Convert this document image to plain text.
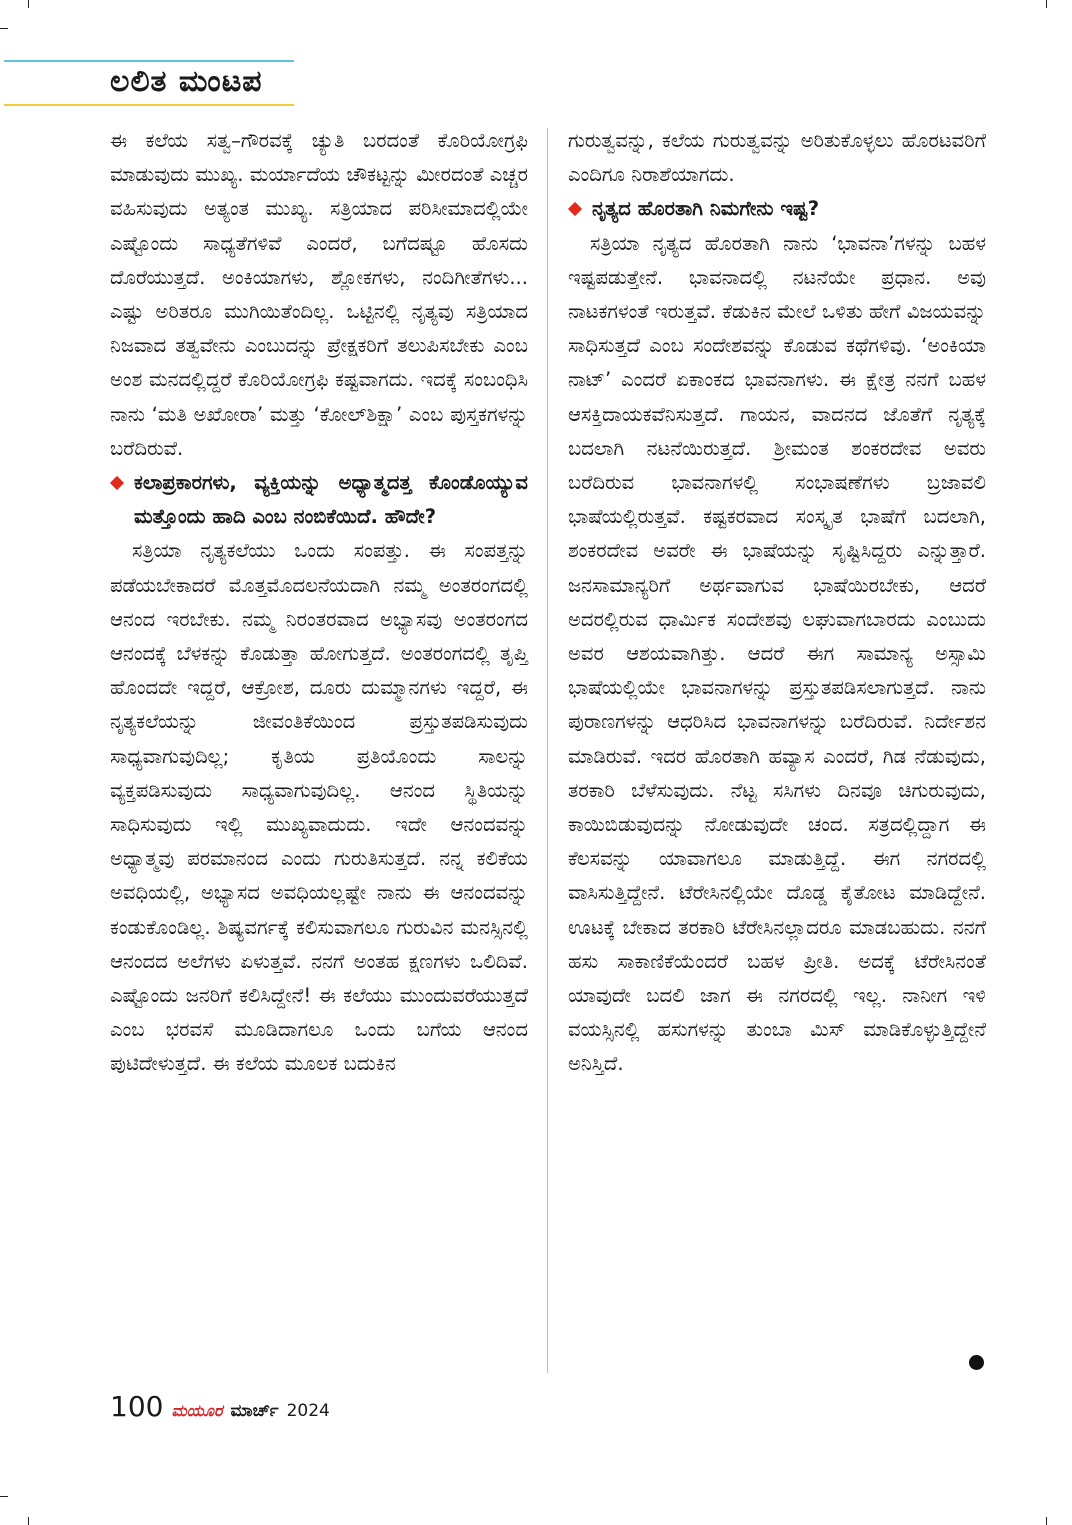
ಲಲಿತ ಮಂಟಪ

ಈ ಕಲೆಯ ಸತ್ವ–ಗೌರವಕ್ಕೆ ಚ್ಯುತಿ ಬರದಂತೆ ಕೊರಿಯೋಗ್ರಫಿ ಮಾಡುವುದು ಮುಖ್ಯ. ಮರ್ಯಾದೆಯ ಚೌಕಟ್ಟನ್ನು ಮೀರದಂತೆ ಎಚ್ಚರ ವಹಿಸುವುದು ಅತ್ಯಂತ ಮುಖ್ಯ. ಸತ್ರಿಯಾದ ಪರಿಸೀಮಾದಲ್ಲಿಯೇ ಎಷ್ಟೊಂದು ಸಾಧ್ಯತೆಗಳಿವೆ ಎಂದರೆ, ಬಗೆದಷ್ಟೂ ಹೊಸದು ದೊರೆಯುತ್ತದೆ. ಅಂಕಿಯಾಗಳು, ಶ್ಲೋಕಗಳು, ನಂದಿಗೀತೆಗಳು... ಎಷ್ಟು ಅರಿತರೂ ಮುಗಿಯಿತೆಂದಿಲ್ಲ. ಒಟ್ಟಿನಲ್ಲಿ ನೃತ್ಯವು ಸತ್ರಿಯಾದ ನಿಜವಾದ ತತ್ವವೇನು ಎಂಬುದನ್ನು ಪ್ರೇಕ್ಷಕರಿಗೆ ತಲುಪಿಸಬೇಕು ಎಂಬ ಅಂಶ ಮನದಲ್ಲಿದ್ದರೆ ಕೊರಿಯೋಗ್ರಫಿ ಕಷ್ಟವಾಗದು. ಇದಕ್ಕೆ ಸಂಬಂಧಿಸಿ ನಾನು ‘ಮತಿ ಅಖೋರಾ’ ಮತ್ತು ‘ಕೋಲ್‌ಶಿಕ್ಷಾ’ ಎಂಬ ಪುಸ್ತಕಗಳನ್ನು ಬರೆದಿರುವೆ.

ಕಲಾಪ್ರಕಾರಗಳು, ವ್ಯಕ್ತಿಯನ್ನು ಅಧ್ಯಾತ್ಮದತ್ತ ಕೊಂಡೊಯ್ಯುವ ಮತ್ತೊಂದು ಹಾದಿ ಎಂಬ ನಂಬಿಕೆಯಿದೆ. ಹೌದೇ?

ಸತ್ರಿಯಾ ನೃತ್ಯಕಲೆಯು ಒಂದು ಸಂಪತ್ತು. ಈ ಸಂಪತ್ತನ್ನು ಪಡೆಯಬೇಕಾದರೆ ಮೊತ್ತಮೊದಲನೆಯದಾಗಿ ನಮ್ಮ ಅಂತರಂಗದಲ್ಲಿ ಆನಂದ ಇರಬೇಕು. ನಮ್ಮ ನಿರಂತರವಾದ ಅಭ್ಯಾಸವು ಅಂತರಂಗದ ಆನಂದಕ್ಕೆ ಬೆಳಕನ್ನು ಕೊಡುತ್ತಾ ಹೋಗುತ್ತದೆ. ಅಂತರಂಗದಲ್ಲಿ ತೃಪ್ತಿ ಹೊಂದದೇ ಇದ್ದರೆ, ಆಕ್ರೋಶ, ದೂರು ದುಮ್ಮಾನಗಳು ಇದ್ದರೆ, ಈ ನೃತ್ಯಕಲೆಯನ್ನು ಜೀವಂತಿಕೆಯಿಂದ ಪ್ರಸ್ತುತಪಡಿಸುವುದು ಸಾಧ್ಯವಾಗುವುದಿಲ್ಲ; ಕೃತಿಯ ಪ್ರತಿಯೊಂದು ಸಾಲನ್ನು ವ್ಯಕ್ತಪಡಿಸುವುದು ಸಾಧ್ಯವಾಗುವುದಿಲ್ಲ. ಆನಂದ ಸ್ಥಿತಿಯನ್ನು ಸಾಧಿಸುವುದು ಇಲ್ಲಿ ಮುಖ್ಯವಾದುದು. ಇದೇ ಆನಂದವನ್ನು ಅಧ್ಯಾತ್ಮವು ಪರಮಾನಂದ ಎಂದು ಗುರುತಿಸುತ್ತದೆ. ನನ್ನ ಕಲಿಕೆಯ ಅವಧಿಯಲ್ಲಿ, ಅಭ್ಯಾಸದ ಅವಧಿಯಲ್ಲಷ್ಟೇ ನಾನು ಈ ಆನಂದವನ್ನು ಕಂಡುಕೊಂಡಿಲ್ಲ. ಶಿಷ್ಯವರ್ಗಕ್ಕೆ ಕಲಿಸುವಾಗಲೂ ಗುರುವಿನ ಮನಸ್ಸಿನಲ್ಲಿ ಆನಂದದ ಅಲೆಗಳು ಏಳುತ್ತವೆ. ನನಗೆ ಅಂತಹ ಕ್ಷಣಗಳು ಒಲಿದಿವೆ. ಎಷ್ಟೊಂದು ಜನರಿಗೆ ಕಲಿಸಿದ್ದೇನೆ! ಈ ಕಲೆಯು ಮುಂದುವರೆಯುತ್ತದೆ ಎಂಬ ಭರವಸೆ ಮೂಡಿದಾಗಲೂ ಒಂದು ಬಗೆಯ ಆನಂದ ಪುಟಿದೇಳುತ್ತದೆ. ಈ ಕಲೆಯ ಮೂಲಕ ಬದುಕಿನ

ಗುರುತ್ವವನ್ನು, ಕಲೆಯ ಗುರುತ್ವವನ್ನು ಅರಿತುಕೊಳ್ಳಲು ಹೊರಟವರಿಗೆ ಎಂದಿಗೂ ನಿರಾಶೆಯಾಗದು.

ನೃತ್ಯದ ಹೊರತಾಗಿ ನಿಮಗೇನು ಇಷ್ಟ?

ಸತ್ರಿಯಾ ನೃತ್ಯದ ಹೊರತಾಗಿ ನಾನು ‘ಭಾವನಾ’ಗಳನ್ನು ಬಹಳ ಇಷ್ಟಪಡುತ್ತೇನೆ. ಭಾವನಾದಲ್ಲಿ ನಟನೆಯೇ ಪ್ರಧಾನ. ಅವು ನಾಟಕಗಳಂತೆ ಇರುತ್ತವೆ. ಕೆಡುಕಿನ ಮೇಲೆ ಒಳಿತು ಹೇಗೆ ವಿಜಯವನ್ನು ಸಾಧಿಸುತ್ತದೆ ಎಂಬ ಸಂದೇಶವನ್ನು ಕೊಡುವ ಕಥೆಗಳಿವು. ‘ಅಂಕಿಯಾ ನಾಟ್’ ಎಂದರೆ ಏಕಾಂಕದ ಭಾವನಾಗಳು. ಈ ಕ್ಷೇತ್ರ ನನಗೆ ಬಹಳ ಆಸಕ್ತಿದಾಯಕವೆನಿಸುತ್ತದೆ. ಗಾಯನ, ವಾದನದ ಜೊತೆಗೆ ನೃತ್ಯಕ್ಕೆ ಬದಲಾಗಿ ನಟನೆಯಿರುತ್ತದೆ. ಶ್ರೀಮಂತ ಶಂಕರದೇವ ಅವರು ಬರೆದಿರುವ ಭಾವನಾಗಳಲ್ಲಿ ಸಂಭಾಷಣೆಗಳು ಬ್ರಜಾವಲಿ ಭಾಷೆಯಲ್ಲಿರುತ್ತವೆ. ಕಷ್ಟಕರವಾದ ಸಂಸ್ಕೃತ ಭಾಷೆಗೆ ಬದಲಾಗಿ, ಶಂಕರದೇವ ಅವರೇ ಈ ಭಾಷೆಯನ್ನು ಸೃಷ್ಟಿಸಿದ್ದರು ಎನ್ನುತ್ತಾರೆ. ಜನಸಾಮಾನ್ಯರಿಗೆ ಅರ್ಥವಾಗುವ ಭಾಷೆಯಿರಬೇಕು, ಆದರೆ ಅದರಲ್ಲಿರುವ ಧಾರ್ಮಿಕ ಸಂದೇಶವು ಲಘುವಾಗಬಾರದು ಎಂಬುದು ಅವರ ಆಶಯವಾಗಿತ್ತು. ಆದರೆ ಈಗ ಸಾಮಾನ್ಯ ಅಸ್ಸಾಮಿ ಭಾಷೆಯಲ್ಲಿಯೇ ಭಾವನಾಗಳನ್ನು ಪ್ರಸ್ತುತಪಡಿಸಲಾಗುತ್ತದೆ. ನಾನು ಪುರಾಣಗಳನ್ನು ಆಧರಿಸಿದ ಭಾವನಾಗಳನ್ನು ಬರೆದಿರುವೆ. ನಿರ್ದೇಶನ ಮಾಡಿರುವೆ. ಇದರ ಹೊರತಾಗಿ ಹವ್ಯಾಸ ಎಂದರೆ, ಗಿಡ ನೆಡುವುದು, ತರಕಾರಿ ಬೆಳೆಸುವುದು. ನೆಟ್ಟ ಸಸಿಗಳು ದಿನವೂ ಚಿಗುರುವುದು, ಕಾಯಿಬಿಡುವುದನ್ನು ನೋಡುವುದೇ ಚಂದ. ಸತ್ರದಲ್ಲಿದ್ದಾಗ ಈ ಕೆಲಸವನ್ನು ಯಾವಾಗಲೂ ಮಾಡುತ್ತಿದ್ದೆ. ಈಗ ನಗರದಲ್ಲಿ ವಾಸಿಸುತ್ತಿದ್ದೇನೆ. ಟೆರೇಸಿನಲ್ಲಿಯೇ ದೊಡ್ಡ ಕೈತೋಟ ಮಾಡಿದ್ದೇನೆ. ಊಟಕ್ಕೆ ಬೇಕಾದ ತರಕಾರಿ ಟೆರೇಸಿನಲ್ಲಾದರೂ ಮಾಡಬಹುದು. ನನಗೆ ಹಸು ಸಾಕಾಣಿಕೆಯೆಂದರೆ ಬಹಳ ಪ್ರೀತಿ. ಅದಕ್ಕೆ ಟೆರೇಸಿನಂತೆ ಯಾವುದೇ ಬದಲಿ ಜಾಗ ಈ ನಗರದಲ್ಲಿ ಇಲ್ಲ. ನಾನೀಗ ಇಳಿ ವಯಸ್ಸಿನಲ್ಲಿ ಹಸುಗಳನ್ನು ತುಂಬಾ ಮಿಸ್ ಮಾಡಿಕೊಳ್ಳುತ್ತಿದ್ದೇನೆ ಅನಿಸ್ತಿದೆ.

100 ಮಯೂರ ಮಾರ್ಚ್ 2024
